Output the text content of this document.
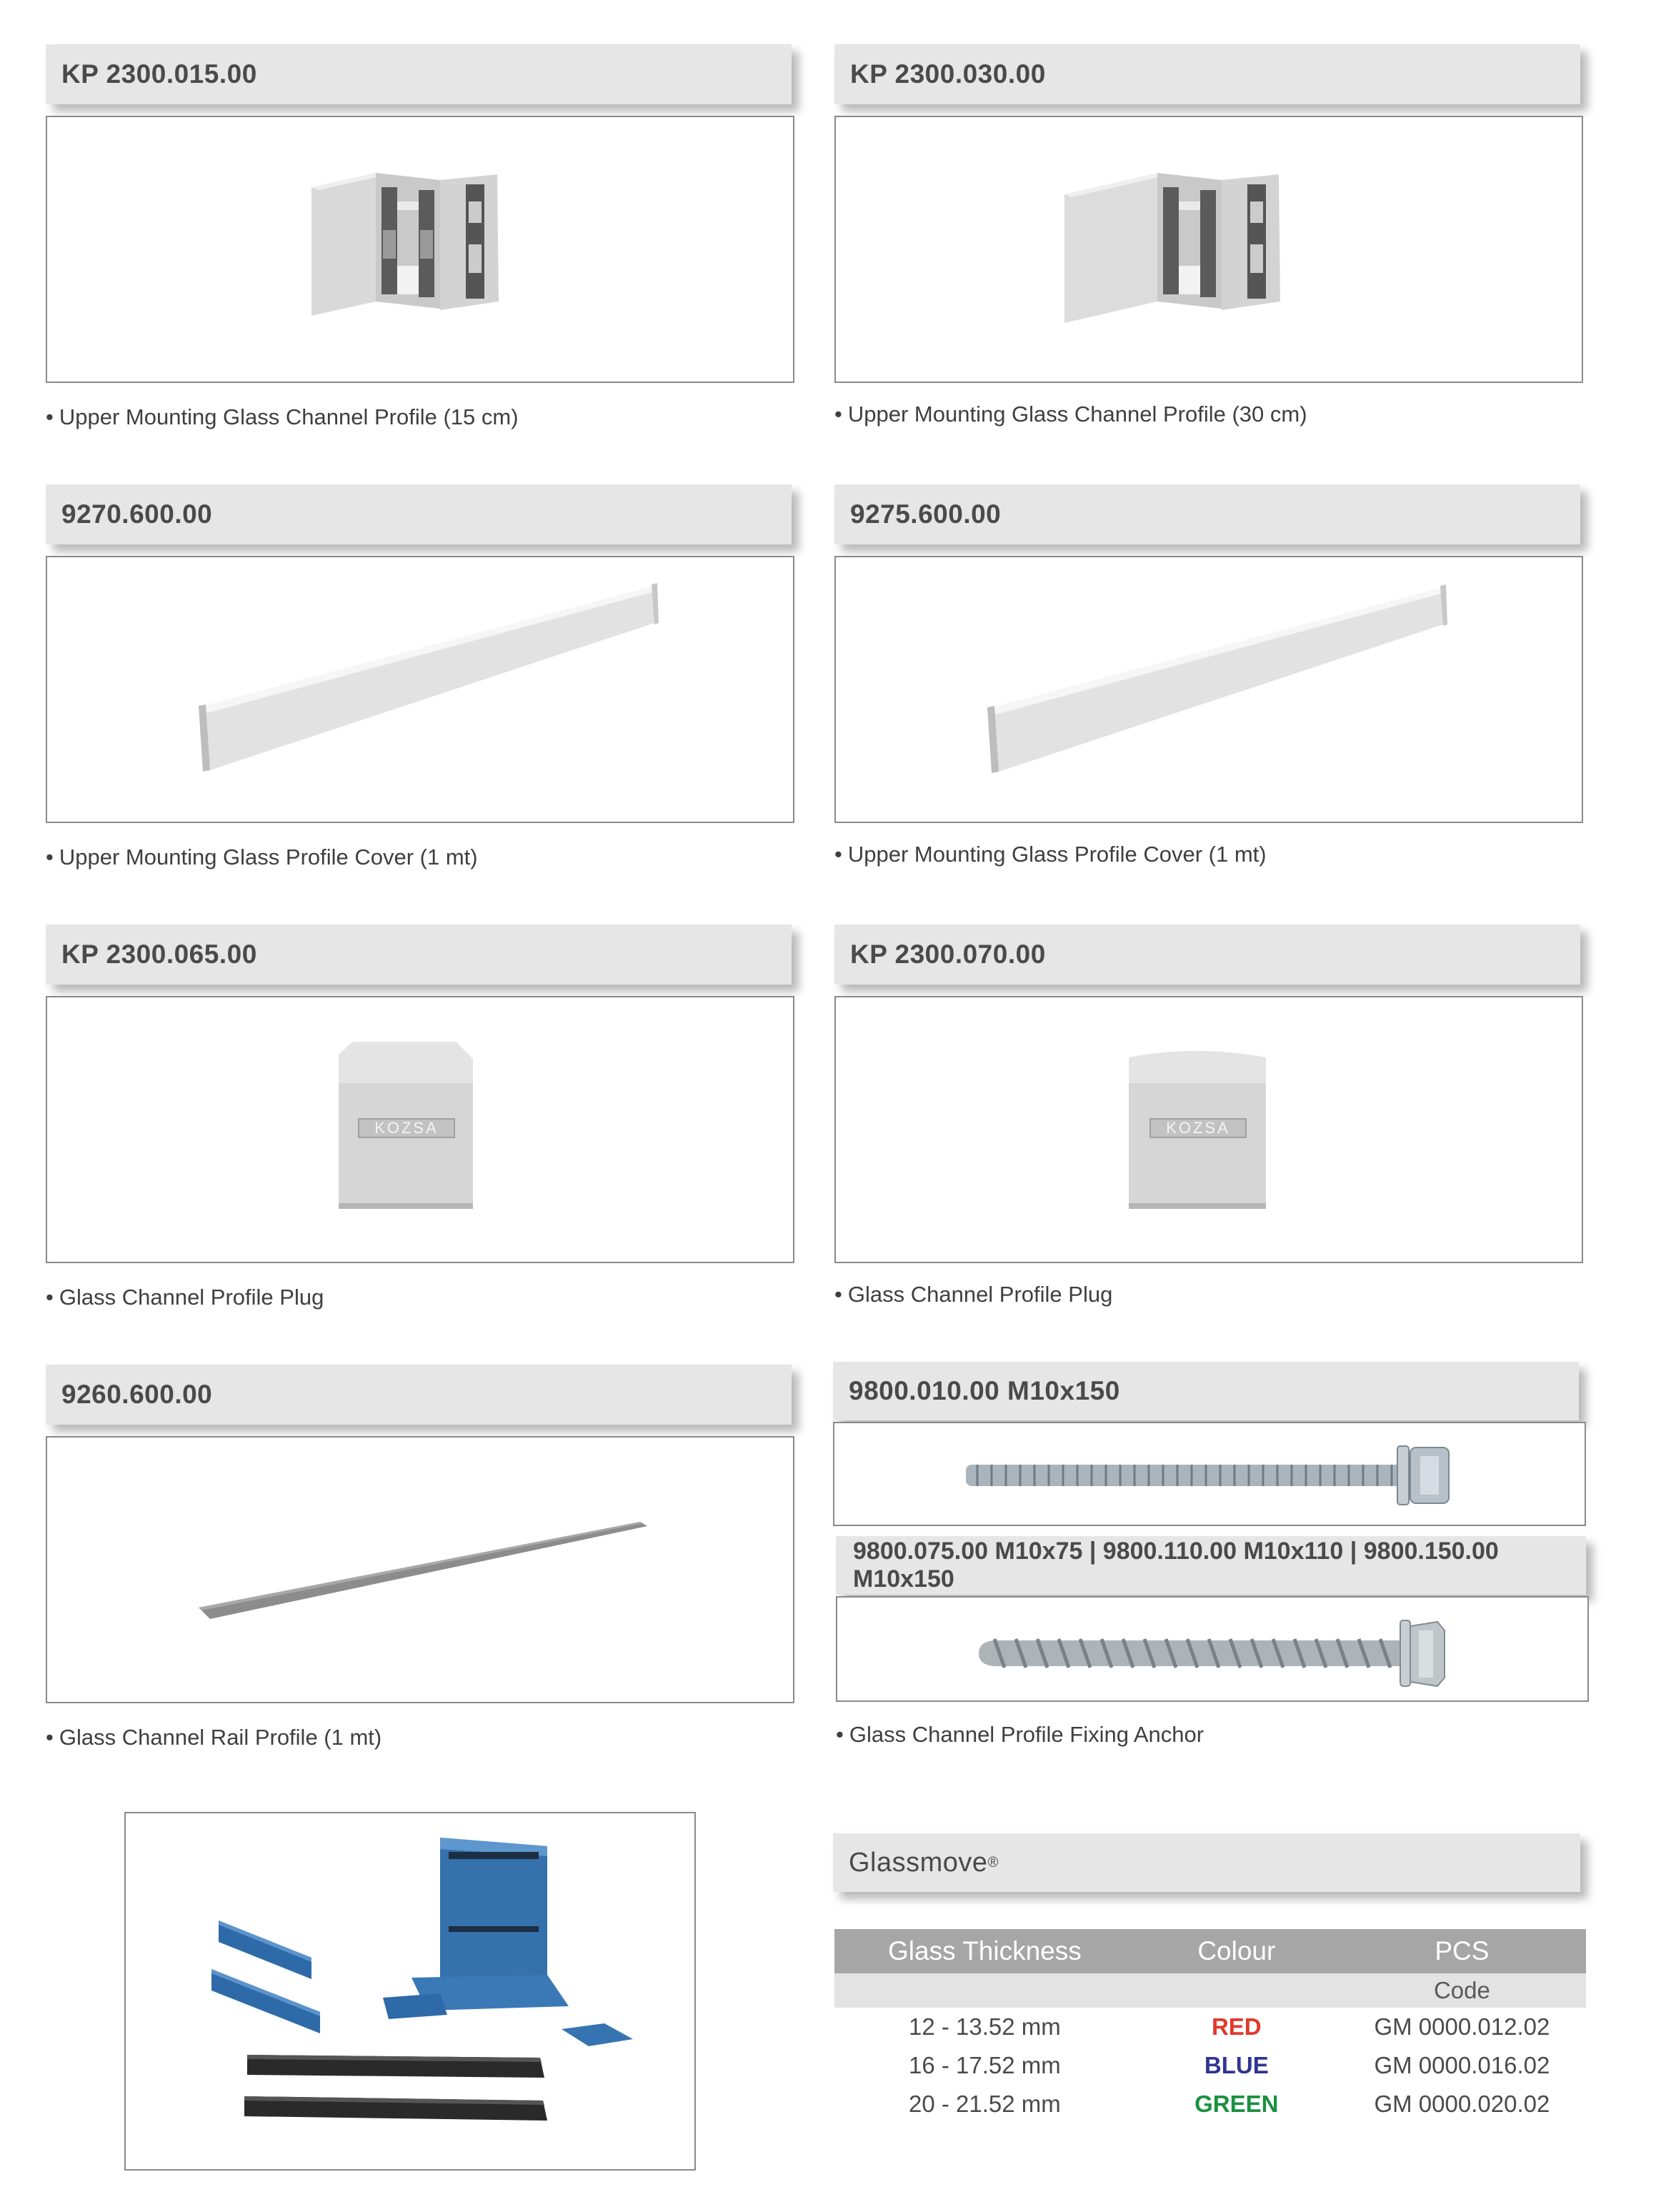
KP 2300.015.00
• Upper Mounting Glass Channel Profile (15 cm)
KP 2300.030.00
• Upper Mounting Glass Channel Profile (30 cm)
9270.600.00
• Upper Mounting Glass Profile Cover (1 mt)
9275.600.00
• Upper Mounting Glass Profile Cover (1 mt)
KP 2300.065.00
KOZSA
• Glass Channel Profile Plug
KP 2300.070.00
KOZSA
• Glass Channel Profile Plug
9260.600.00
• Glass Channel Rail Profile (1 mt)
9800.010.00 M10x150
9800.075.00 M10x75 | 9800.110.00 M10x110 | 9800.150.00 M10x150
• Glass Channel Profile Fixing Anchor
Glassmove ®
Glass Thickness	Colour	PCS
		Code
12 - 13.52 mm	RED	GM 0000.012.02
16 - 17.52 mm	BLUE	GM 0000.016.02
20 - 21.52 mm	GREEN	GM 0000.020.02
